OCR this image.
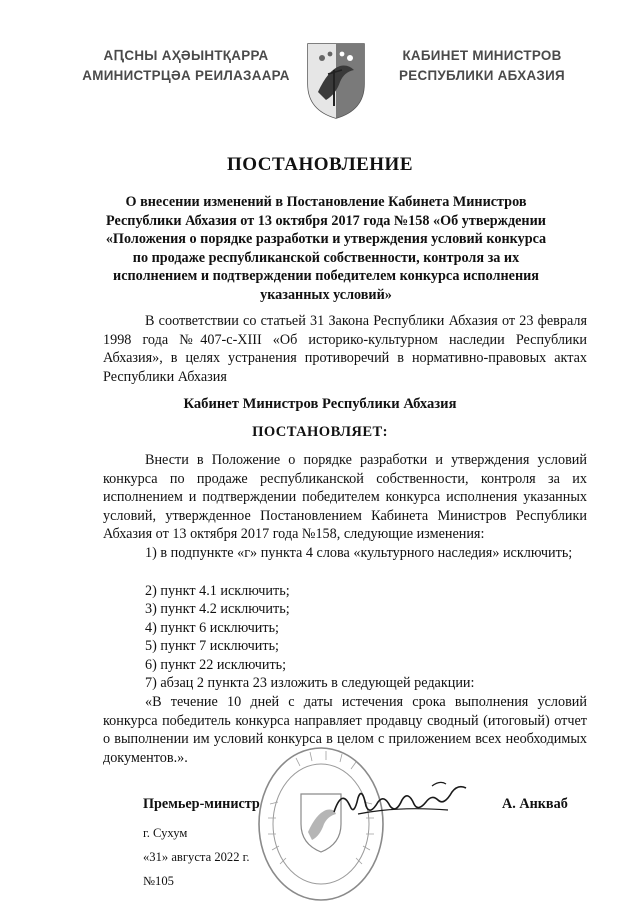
АԤСНЫ АҲӘЫНТҚАРРА
АМИНИСТРЦӘА РЕИЛАЗААРА
КАБИНЕТ МИНИСТРОВ
РЕСПУБЛИКИ АБХАЗИЯ
ПОСТАНОВЛЕНИЕ
О внесении изменений в Постановление Кабинета Министров
Республики Абхазия от 13 октября 2017 года №158 «Об утверждении
«Положения о порядке разработки и утверждения условий конкурса
по продаже республиканской собственности, контроля за их
исполнением и подтверждении победителем конкурса исполнения
указанных условий»
В соответствии со статьей 31 Закона Республики Абхазия от 23 февраля 1998 года №407-с-XIII «Об историко-культурном наследии Республики Абхазия», в целях устранения противоречий в нормативно-правовых актах Республики Абхазия
Кабинет Министров Республики Абхазия
ПОСТАНОВЛЯЕТ:
Внести в Положение о порядке разработки и утверждения условий конкурса по продаже республиканской собственности, контроля за их исполнением и подтверждении победителем конкурса исполнения указанных условий, утвержденное Постановлением Кабинета Министров Республики Абхазия от 13 октября 2017 года №158, следующие изменения:
1) в подпункте «г» пункта 4 слова «культурного наследия» исключить;
2) пункт 4.1 исключить;
3) пункт 4.2 исключить;
4) пункт 6 исключить;
5) пункт 7 исключить;
6) пункт 22 исключить;
7) абзац 2 пункта 23 изложить в следующей редакции:
«В течение 10 дней с даты истечения срока выполнения условий конкурса победитель конкурса направляет продавцу сводный (итоговый) отчет о выполнении им условий конкурса в целом с приложением всех необходимых документов.».
Премьер-министр	А. Анкваб
г. Сухум
«31» августа 2022 г.
№105
